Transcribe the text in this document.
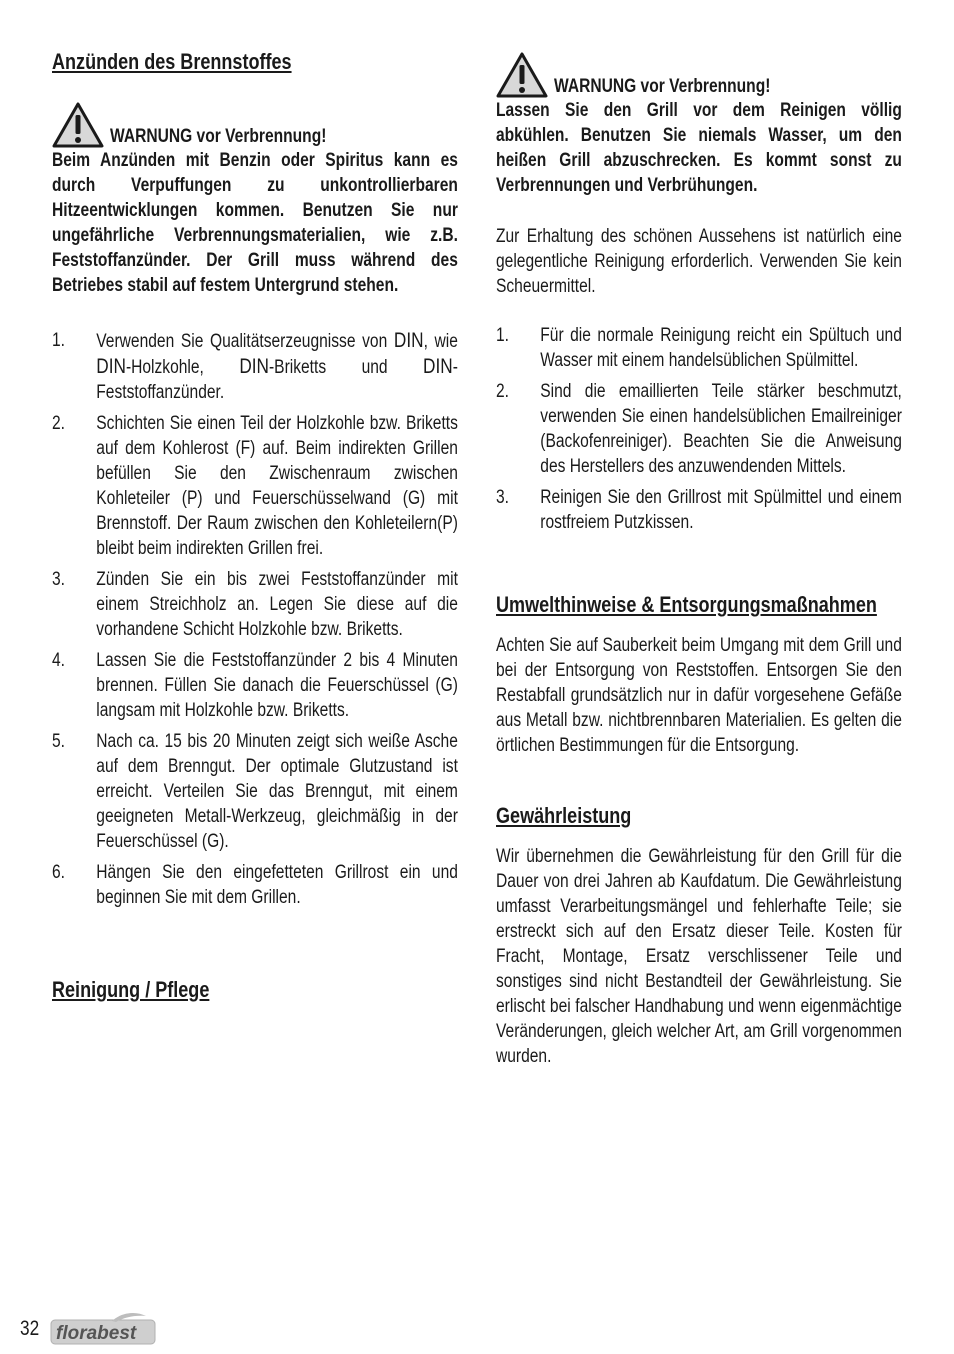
Anzünden des Brennstoffes
WARNUNG vor Verbrennung!
Beim Anzünden mit Benzin oder Spiritus kann es durch Verpuffungen zu unkontrollierbaren Hitzeentwicklungen kommen. Benutzen Sie nur ungefährliche Verbrennungsmaterialien, wie z.B. Feststoffanzünder. Der Grill muss während des Betriebes stabil auf festem Untergrund stehen.
1. Verwenden Sie Qualitätserzeugnisse von DIN, wie DIN-Holzkohle, DIN-Briketts und DIN-Feststoffanzünder.
2. Schichten Sie einen Teil der Holzkohle bzw. Briketts auf dem Kohlerost (F) auf. Beim indirekten Grillen befüllen Sie den Zwischenraum zwischen Kohleteiler (P) und Feuerschüsselwand (G) mit Brennstoff. Der Raum zwischen den Kohleteilern(P) bleibt beim indirekten Grillen frei.
3. Zünden Sie ein bis zwei Feststoffanzünder mit einem Streichholz an. Legen Sie diese auf die vorhandene Schicht Holzkohle bzw. Briketts.
4. Lassen Sie die Feststoffanzünder 2 bis 4 Minuten brennen. Füllen Sie danach die Feuerschüssel (G) langsam mit Holzkohle bzw. Briketts.
5. Nach ca. 15 bis 20 Minuten zeigt sich weiße Asche auf dem Brenngut. Der optimale Glutzustand ist erreicht. Verteilen Sie das Brenngut, mit einem geeigneten Metall-Werkzeug, gleichmäßig in der Feuerschüssel (G).
6. Hängen Sie den eingefetteten Grillrost ein und beginnen Sie mit dem Grillen.
Reinigung / Pflege
WARNUNG vor Verbrennung!
Lassen Sie den Grill vor dem Reinigen völlig abkühlen. Benutzen Sie niemals Wasser, um den heißen Grill abzuschrecken. Es kommt sonst zu Verbrennungen und Verbrühungen.
Zur Erhaltung des schönen Aussehens ist natürlich eine gelegentliche Reinigung erforderlich. Verwenden Sie kein Scheuermittel.
1. Für die normale Reinigung reicht ein Spültuch und Wasser mit einem handelsüblichen Spülmittel.
2. Sind die emaillierten Teile stärker beschmutzt, verwenden Sie einen handelsüblichen Emailreiniger (Backofenreiniger). Beachten Sie die Anweisung des Herstellers des anzuwendenden Mittels.
3. Reinigen Sie den Grillrost mit Spülmittel und einem rostfreiem Putzkissen.
Umwelthinweise & Entsorgungsmaßnahmen
Achten Sie auf Sauberkeit beim Umgang mit dem Grill und bei der Entsorgung von Reststoffen. Entsorgen Sie den Restabfall grundsätzlich nur in dafür vorgesehene Gefäße aus Metall bzw. nichtbrennbaren Materialien. Es gelten die örtlichen Bestimmungen für die Entsorgung.
Gewährleistung
Wir übernehmen die Gewährleistung für den Grill für die Dauer von drei Jahren ab Kaufdatum. Die Gewährleistung umfasst Verarbeitungsmängel und fehlerhafte Teile; sie erstreckt sich auf den Ersatz dieser Teile. Kosten für Fracht, Montage, Ersatz verschlissener Teile und sonstiges sind nicht Bestandteil der Gewährleistung. Sie erlischt bei falscher Handhabung und wenn eigenmächtige Veränderungen, gleich welcher Art, am Grill vorgenommen wurden.
32 florabest
